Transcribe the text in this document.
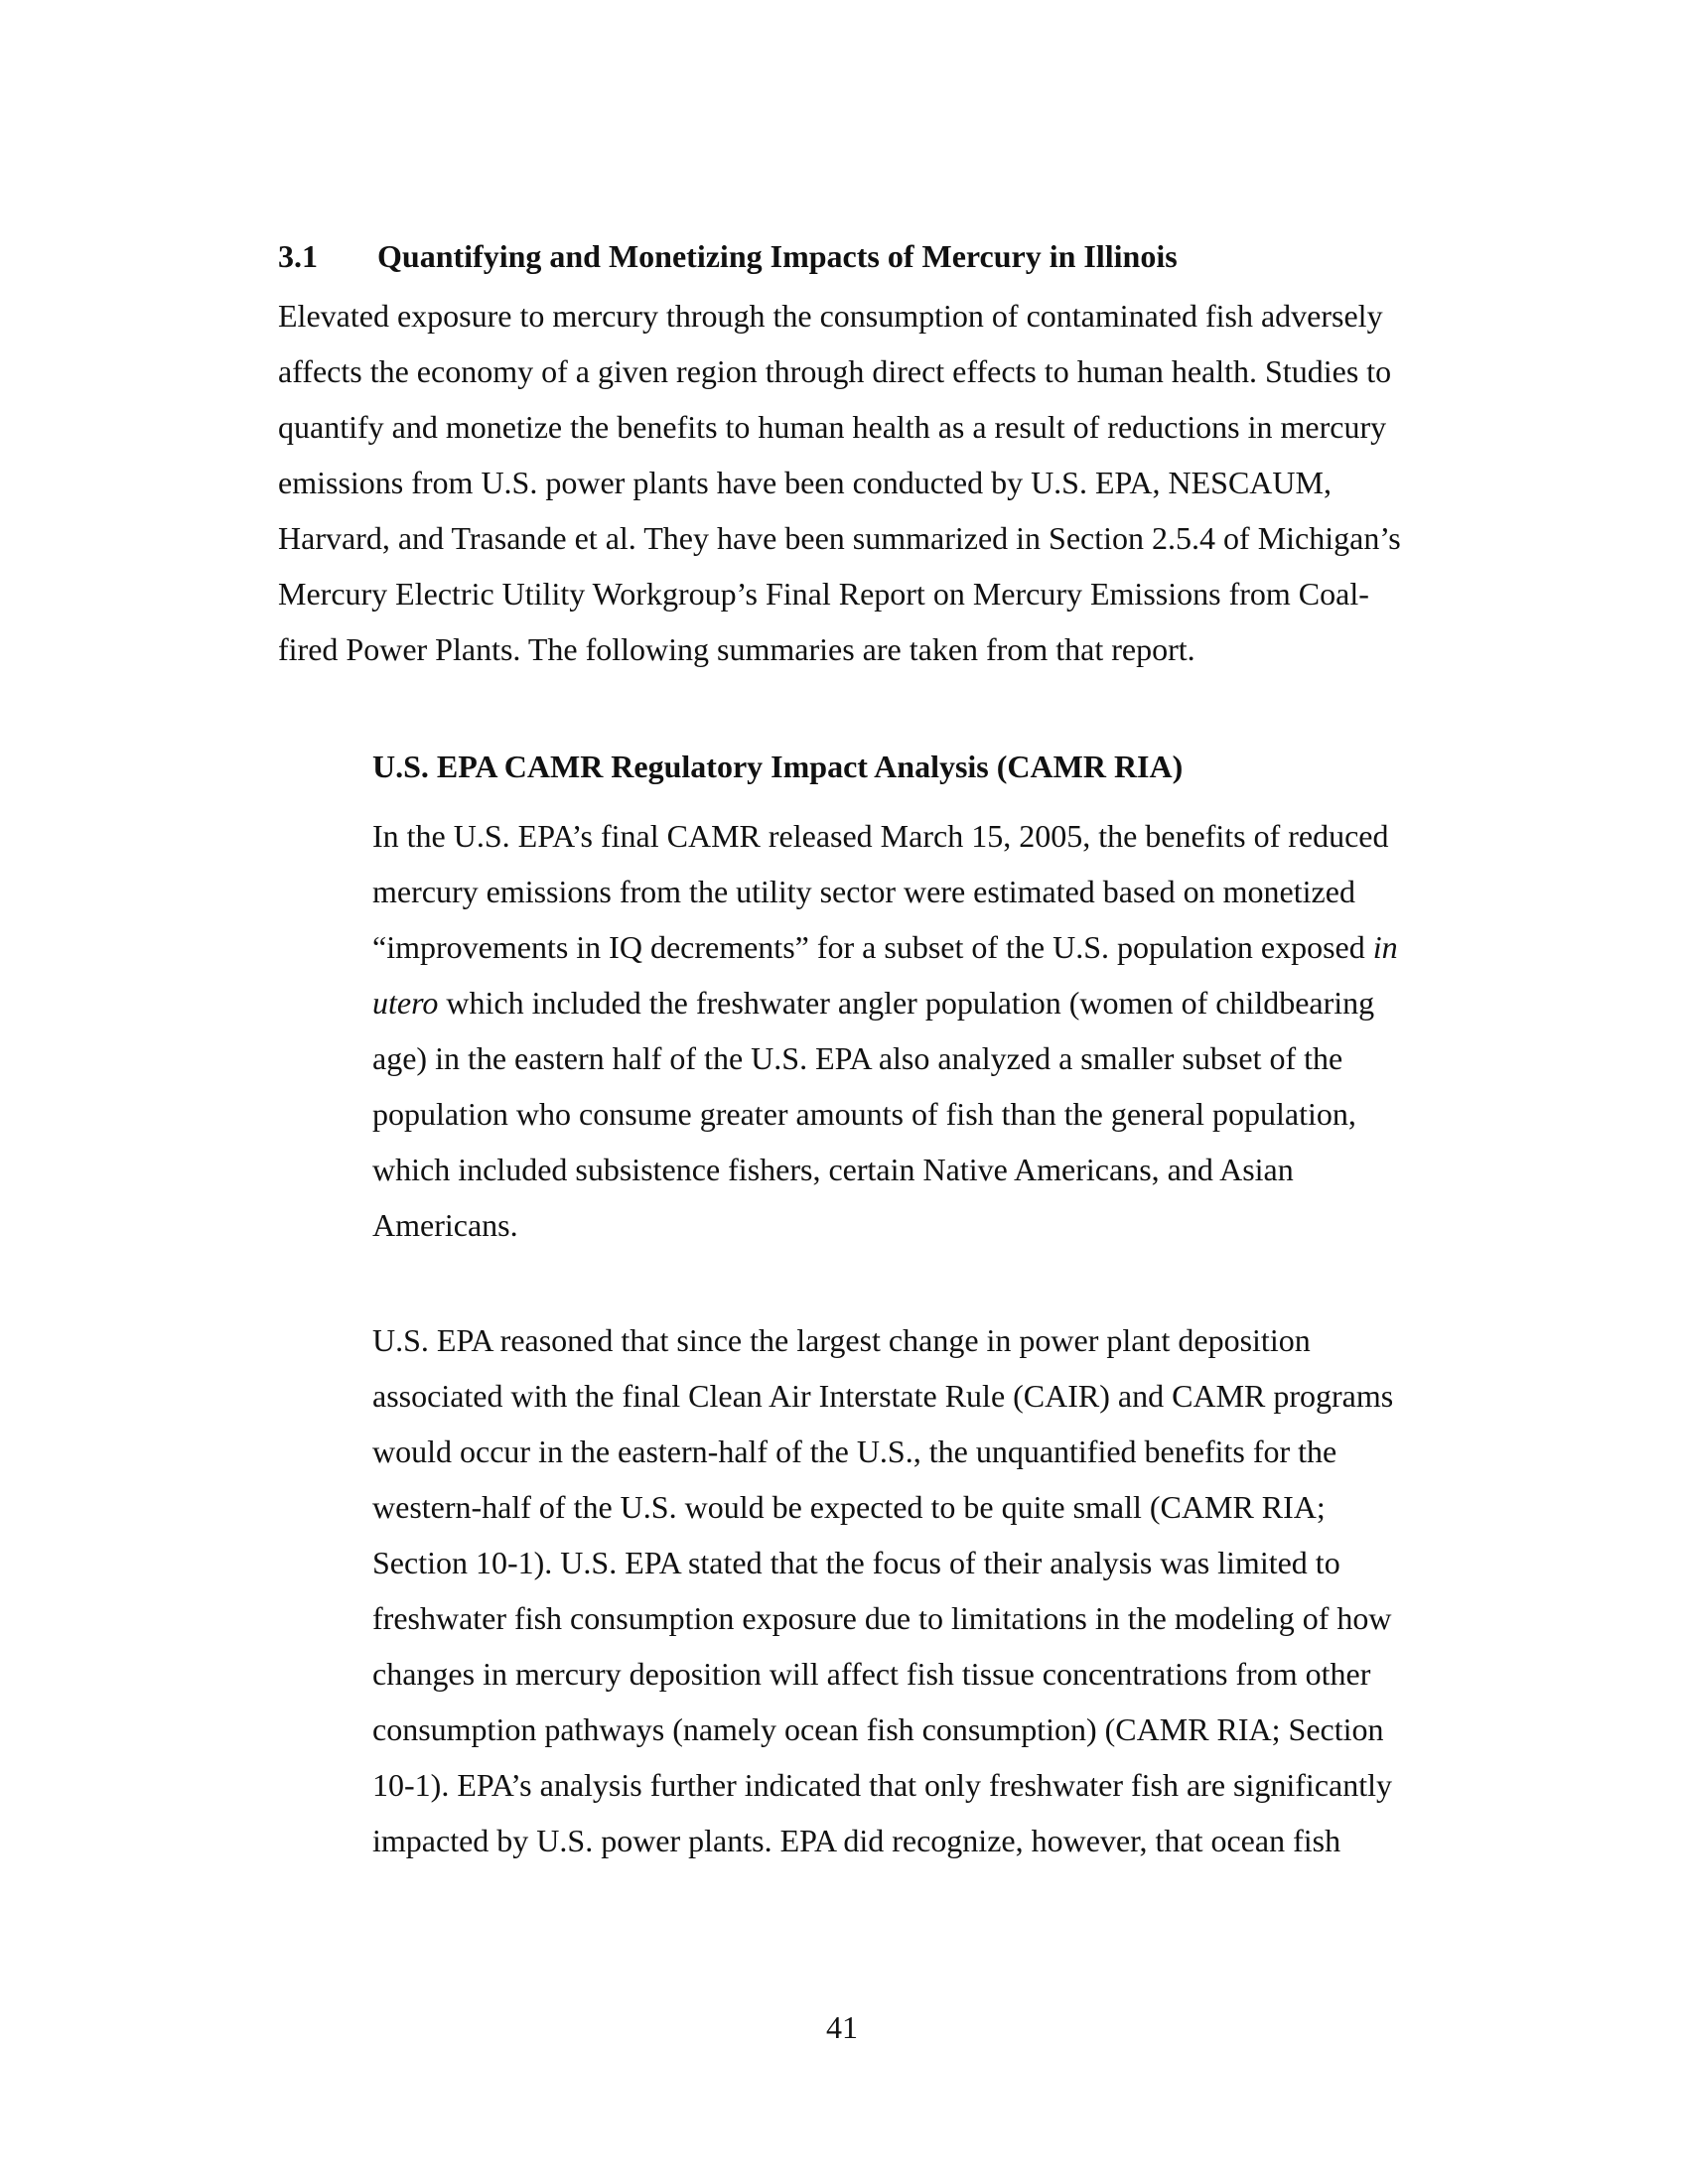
3.1 Quantifying and Monetizing Impacts of Mercury in Illinois

Elevated exposure to mercury through the consumption of contaminated fish adversely

affects the economy of a given region through direct effects to human health. Studies to

quantify and monetize the benefits to human health as a result of reductions in mercury

emissions from U.S. power plants have been conducted by U.S. EPA, NESCAUM,

Harvard, and Trasande et al. They have been summarized in Section 2.5.4 of Michigan’s

Mercury Electric Utility Workgroup’s Final Report on Mercury Emissions from Coal-

fired Power Plants. The following summaries are taken from that report.

U.S. EPA CAMR Regulatory Impact Analysis (CAMR RIA)

In the U.S. EPA’s final CAMR released March 15, 2005, the benefits of reduced

mercury emissions from the utility sector were estimated based on monetized

“improvements in IQ decrements” for a subset of the U.S. population exposed in

utero which included the freshwater angler population (women of childbearing

age) in the eastern half of the U.S. EPA also analyzed a smaller subset of the

population who consume greater amounts of fish than the general population,

which included subsistence fishers, certain Native Americans, and Asian

Americans.

U.S. EPA reasoned that since the largest change in power plant deposition

associated with the final Clean Air Interstate Rule (CAIR) and CAMR programs

would occur in the eastern-half of the U.S., the unquantified benefits for the

western-half of the U.S. would be expected to be quite small (CAMR RIA;

Section 10-1). U.S. EPA stated that the focus of their analysis was limited to

freshwater fish consumption exposure due to limitations in the modeling of how

changes in mercury deposition will affect fish tissue concentrations from other

consumption pathways (namely ocean fish consumption) (CAMR RIA; Section

10-1). EPA’s analysis further indicated that only freshwater fish are significantly

impacted by U.S. power plants. EPA did recognize, however, that ocean fish

41
